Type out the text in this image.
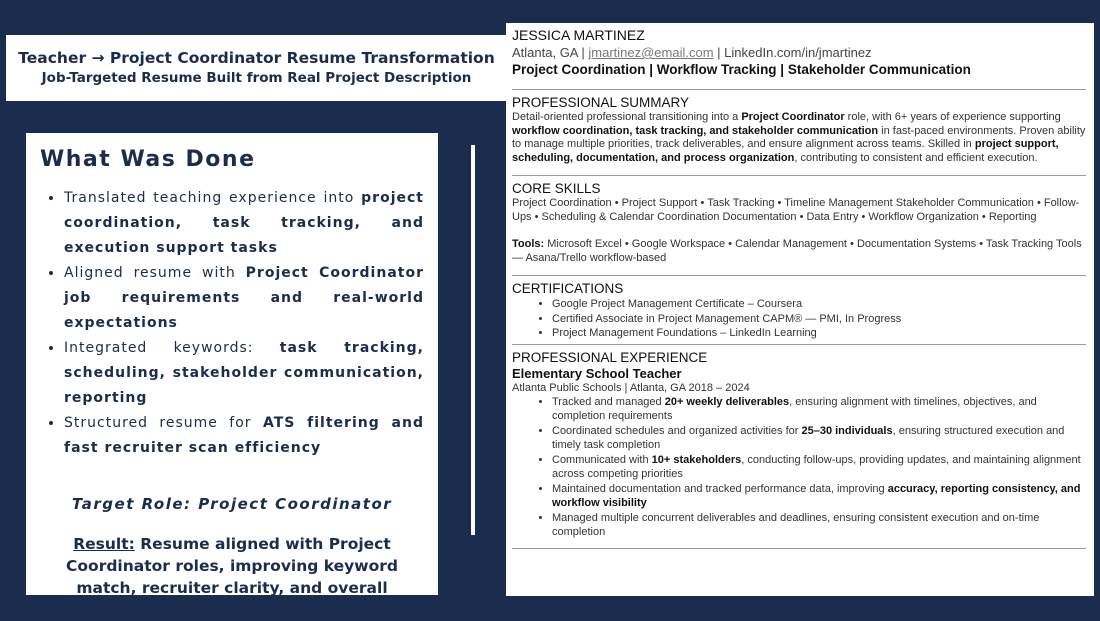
Teacher → Project Coordinator Resume Transformation
Job-Targeted Resume Built from Real Project Description
What Was Done
• Translated teaching experience into project coordination, task tracking, and execution support tasks
• Aligned resume with Project Coordinator job requirements and real-world expectations
• Integrated keywords: task tracking, scheduling, stakeholder communication, reporting
• Structured resume for ATS filtering and fast recruiter scan efficiency
Target Role: Project Coordinator
Result: Resume aligned with Project Coordinator roles, improving keyword match, recruiter clarity, and overall interview readiness
JESSICA MARTINEZ
Atlanta, GA | jmartinez@email.com | LinkedIn.com/in/jmartinez
Project Coordination | Workflow Tracking | Stakeholder Communication
PROFESSIONAL SUMMARY
Detail-oriented professional transitioning into a Project Coordinator role, with 6+ years of experience supporting workflow coordination, task tracking, and stakeholder communication in fast-paced environments. Proven ability to manage multiple priorities, track deliverables, and ensure alignment across teams. Skilled in project support, scheduling, documentation, and process organization, contributing to consistent and efficient execution.
CORE SKILLS
Project Coordination • Project Support • Task Tracking • Timeline Management Stakeholder Communication • Follow-Ups • Scheduling & Calendar Coordination Documentation • Data Entry • Workflow Organization • Reporting
Tools: Microsoft Excel • Google Workspace • Calendar Management • Documentation Systems • Task Tracking Tools — Asana/Trello workflow-based
CERTIFICATIONS
• Google Project Management Certificate – Coursera
• Certified Associate in Project Management CAPM® — PMI, In Progress
• Project Management Foundations – LinkedIn Learning
PROFESSIONAL EXPERIENCE
Elementary School Teacher
Atlanta Public Schools | Atlanta, GA 2018 – 2024
• Tracked and managed 20+ weekly deliverables, ensuring alignment with timelines, objectives, and completion requirements
• Coordinated schedules and organized activities for 25–30 individuals, ensuring structured execution and timely task completion
• Communicated with 10+ stakeholders, conducting follow-ups, providing updates, and maintaining alignment across competing priorities
• Maintained documentation and tracked performance data, improving accuracy, reporting consistency, and workflow visibility
• Managed multiple concurrent deliverables and deadlines, ensuring consistent execution and on-time completion
